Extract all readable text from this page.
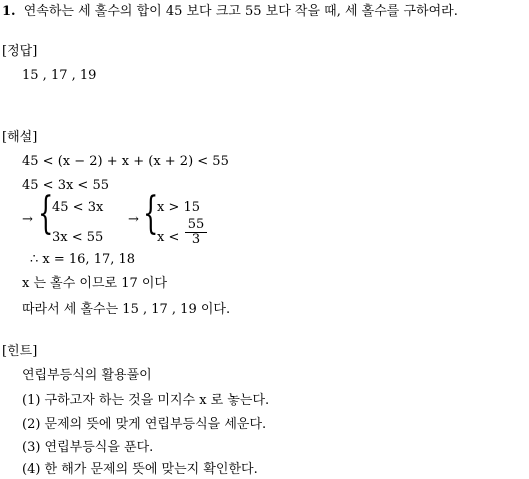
1. 연속하는 세 홀수의 합이 45 보다 크고 55 보다 작을 때, 세 홀수를 구하여라.
[정답]
15 , 17 , 19
[해설]
45 < (x − 2) + x + (x + 2) < 55
45 < 3x < 55
→ {
45 < 3x
3x < 55
→ {
x > 15
$x < \frac{55}{3}$
∴ x = 16, 17, 18
x 는 홀수 이므로 17 이다
따라서 세 홀수는 15 , 17 , 19 이다.
[힌트]
연립부등식의 활용풀이
(1) 구하고자 하는 것을 미지수 x 로 놓는다.
(2) 문제의 뜻에 맞게 연립부등식을 세운다.
(3) 연립부등식을 푼다.
(4) 한 해가 문제의 뜻에 맞는지 확인한다.
